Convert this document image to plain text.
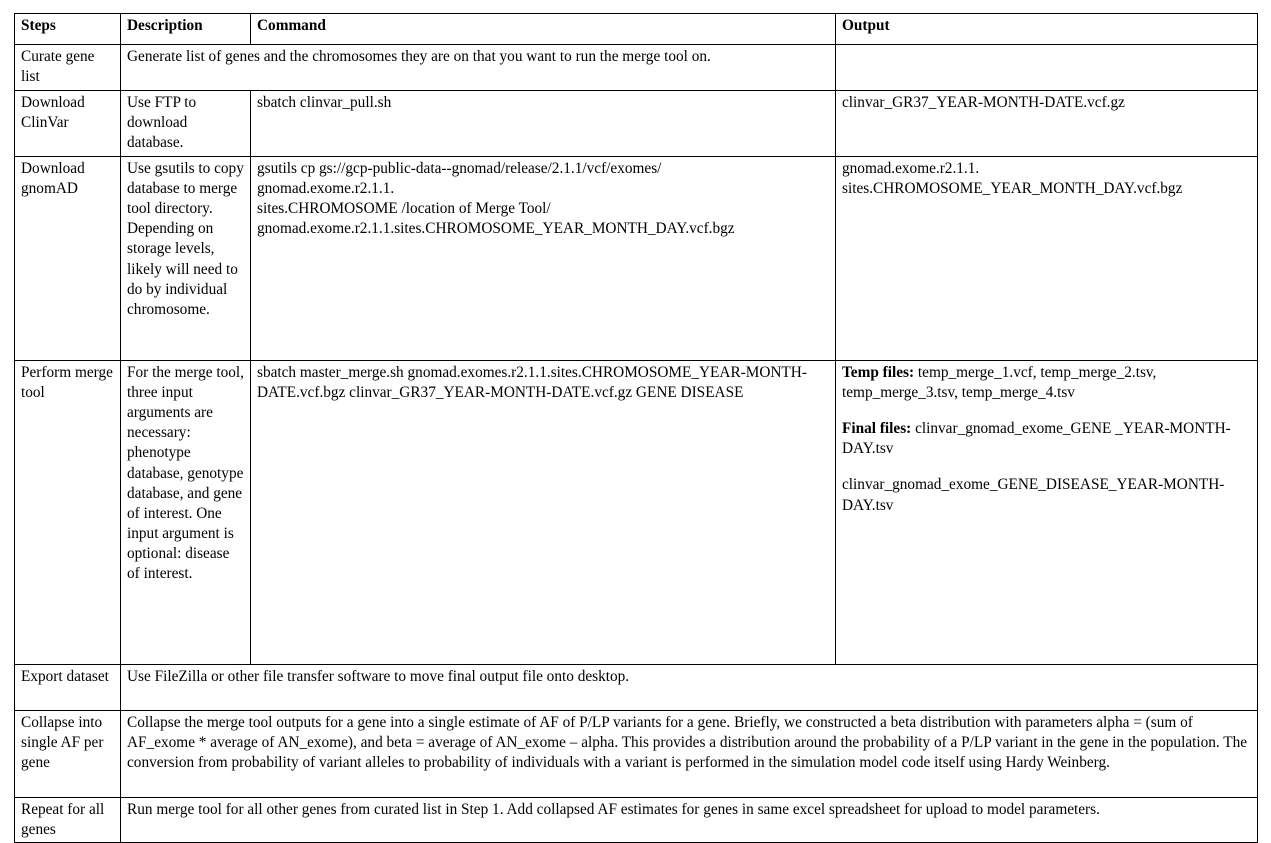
Steps	Description	Command	Output
Curate gene list	Generate list of genes and the chromosomes they are on that you want to run the merge tool on.		
Download ClinVar	Use FTP to download database.	sbatch clinvar_pull.sh	clinvar_GR37_YEAR-MONTH-DATE.vcf.gz
Download gnomAD	Use gsutils to copy database to merge tool directory. Depending on storage levels, likely will need to do by individual chromosome.	gsutils cp gs://gcp-public-data--gnomad/release/2.1.1/vcf/exomes/
gnomad.exome.r2.1.1.
sites.CHROMOSOME /location of Merge Tool/
gnomad.exome.r2.1.1.sites.CHROMOSOME_YEAR_MONTH_DAY.vcf.bgz	gnomad.exome.r2.1.1.
sites.CHROMOSOME_YEAR_MONTH_DAY.vcf.bgz

Perform merge tool	For the merge tool, three input arguments are necessary: phenotype database, genotype database, and gene of interest. One input argument is optional: disease of interest.	sbatch master_merge.sh gnomad.exomes.r2.1.1.sites.CHROMOSOME_YEAR-MONTH-DATE.vcf.bgz clinvar_GR37_YEAR-MONTH-DATE.vcf.gz GENE DISEASE	Temp files: temp_merge_1.vcf, temp_merge_2.tsv, temp_merge_3.tsv, temp_merge_4.tsv
Final files: clinvar_gnomad_exome_GENE _YEAR-MONTH-DAY.tsv
clinvar_gnomad_exome_GENE_DISEASE_YEAR-MONTH-DAY.tsv

Export dataset	Use FileZilla or other file transfer software to move final output file onto desktop.		
Collapse into single AF per gene	Collapse the merge tool outputs for a gene into a single estimate of AF of P/LP variants for a gene. Briefly, we constructed a beta distribution with parameters alpha = (sum of AF_exome * average of AN_exome), and beta = average of AN_exome – alpha. This provides a distribution around the probability of a P/LP variant in the gene in the population. The conversion from probability of variant alleles to probability of individuals with a variant is performed in the simulation model code itself using Hardy Weinberg.		
Repeat for all genes	Run merge tool for all other genes from curated list in Step 1. Add collapsed AF estimates for genes in same excel spreadsheet for upload to model parameters.		
